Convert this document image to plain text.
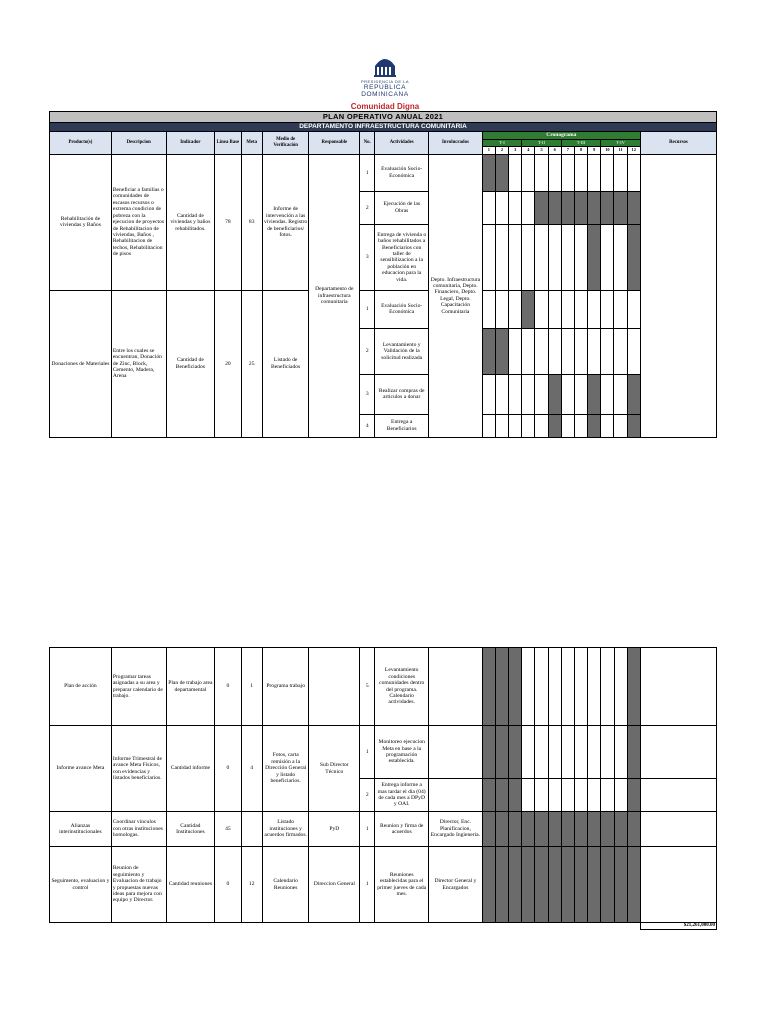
PRESIDENCIA DE LA
REPÚBLICA DOMINICANA
Comunidad Digna
PLAN OPERATIVO ANUAL 2021																						
DEPARTAMENTO INFRAESTRUCTURA COMUNITARIA																						
Producto(s)	Descripcion	Indicador	Línea Base	Meta	Medio de Verificación	Responsable	No.	Actividades	Involucrados	Cronograma												Recursos
										T-I			T-II			T-III			T-IV			
										1	2	3	4	5	6	7	8	9	10	11	12	
Rehabilitación de viviendas y Baños	Beneficiar a familias o comunidades de escasos recursos o extrema condicion de pobreza con la ejecucion de proyectos de Rehabilitacion de viviendas, Baños , Rehabilitacion de techos, Rehabilitacion de pisos	Cantidad de viviendas y baños rehabilitados.	78	83	Informe de intervención a las viviendas. Registro de beneficiarios/ fotos.	Departamento de infraestructura comunitaria	1	Evaluación Socio-Económica	Depto. Infraestructura comunitaria, Depto. Financiero, Depto. Legal, Depto. Capacitación Comunitaria													
							2	Ejecución de las Obras														
							3	Entrega de vivienda o baños rehabilitados a Beneficiarios con taller de sensibilizacion a la población en educacion para la vida.														
Donaciones de Materiales	Entre los cuales se encuentran, Donación de Zinc, Block, Cemento, Madera, Arena	Cantidad de Beneficiados	20	25	Listado de Beneficiados		1	Evaluación Socio-Económica														
							2	Levantamiento y Validación de la solicitud realizada														
							3	Realizar compras de articulos a donar														
							4	Entrega a Beneficiarios														
Plan de acción	Programar tareas asignadas a su area y preparar calendario de trabajo.	Plan de trabajo area departamental	0	1	Programa trabajo		5	Levantamiento condiciones comunidades dentro del programa. Calendario actividades.														
Informe avance Meta	Informe Trimestral de avance Meta Fisicos, con evidencias y listados beneficiarios.	Cantidad informe	0	4	Fotos, carta remisión a la Dirección General y listado beneficiarios.	Sub Director Técnico	1	Monitoreo ejecucion Meta en base a la programación establecida.														
							2	Entrega informe a mas tardar el dia (04) de cada mes a DPyD y OAI.														
Alianzas interinstitucionales	Coordinar vinculos con otras instituciones homologas.	Cantidad Instituciones	45		Listado instituciones y acuerdos firmados.	PyD	1	Reunion y firma de acuerdos	Director, Enc. Planificacion, Encargado Ingieneria.													
Seguimento, evaluacion y control	Reunion de seguimiento y Evaluacion de trabajo y propuestas nuevas ideas para mejora con equipo y Director.	Cantidad reuniones	0	12	Calendario Reuniones	Direccion General	1	Reuniones establecidas para el primer jueves de cada mes.	Director General y Encargados													
																						$21,261,000.00
